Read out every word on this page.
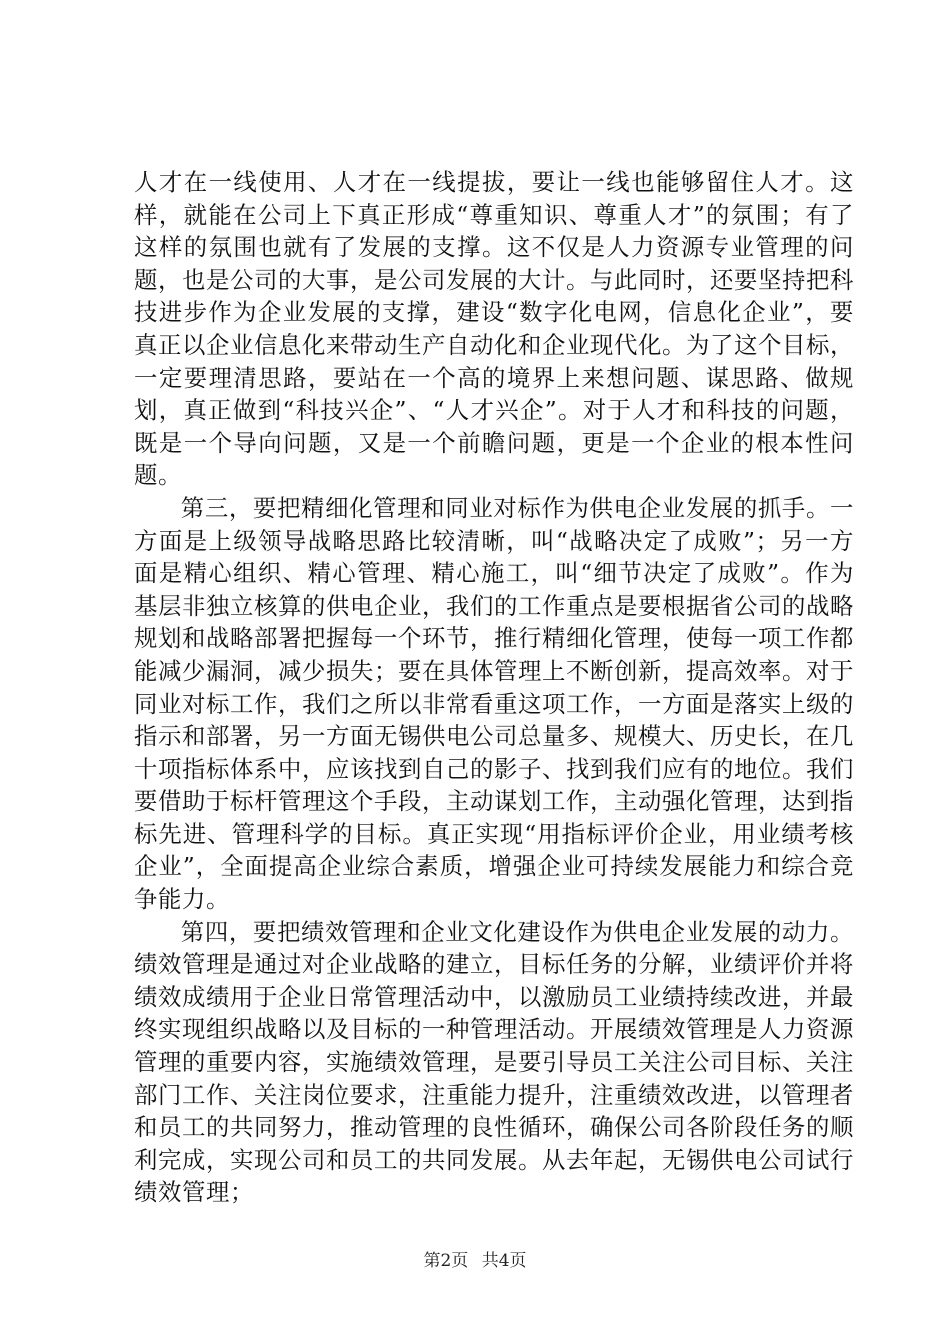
人才在一线使用、人才在一线提拔，要让一线也能够留住人才。这样，就能在公司上下真正形成“尊重知识、尊重人才”的氛围；有了这样的氛围也就有了发展的支撑。这不仅是人力资源专业管理的问题，也是公司的大事，是公司发展的大计。与此同时，还要坚持把科技进步作为企业发展的支撑，建设“数字化电网，信息化企业”，要真正以企业信息化来带动生产自动化和企业现代化。为了这个目标，一定要理清思路，要站在一个高的境界上来想问题、谋思路、做规划，真正做到“科技兴企”、“人才兴企”。对于人才和科技的问题，既是一个导向问题，又是一个前瞻问题，更是一个企业的根本性问题。

第三，要把精细化管理和同业对标作为供电企业发展的抓手。一方面是上级领导战略思路比较清晰，叫“战略决定了成败”；另一方面是精心组织、精心管理、精心施工，叫“细节决定了成败”。作为基层非独立核算的供电企业，我们的工作重点是要根据省公司的战略规划和战略部署把握每一个环节，推行精细化管理，使每一项工作都能减少漏洞，减少损失；要在具体管理上不断创新，提高效率。对于同业对标工作，我们之所以非常看重这项工作，一方面是落实上级的指示和部署，另一方面无锡供电公司总量多、规模大、历史长，在几十项指标体系中，应该找到自己的影子、找到我们应有的地位。我们要借助于标杆管理这个手段，主动谋划工作，主动强化管理，达到指标先进、管理科学的目标。真正实现“用指标评价企业，用业绩考核企业”，全面提高企业综合素质，增强企业可持续发展能力和综合竞争能力。

第四，要把绩效管理和企业文化建设作为供电企业发展的动力。绩效管理是通过对企业战略的建立，目标任务的分解，业绩评价并将绩效成绩用于企业日常管理活动中，以激励员工业绩持续改进，并最终实现组织战略以及目标的一种管理活动。开展绩效管理是人力资源管理的重要内容，实施绩效管理，是要引导员工关注公司目标、关注部门工作、关注岗位要求，注重能力提升，注重绩效改进，以管理者和员工的共同努力，推动管理的良性循环，确保公司各阶段任务的顺利完成，实现公司和员工的共同发展。从去年起，无锡供电公司试行绩效管理；

第2页 共4页
